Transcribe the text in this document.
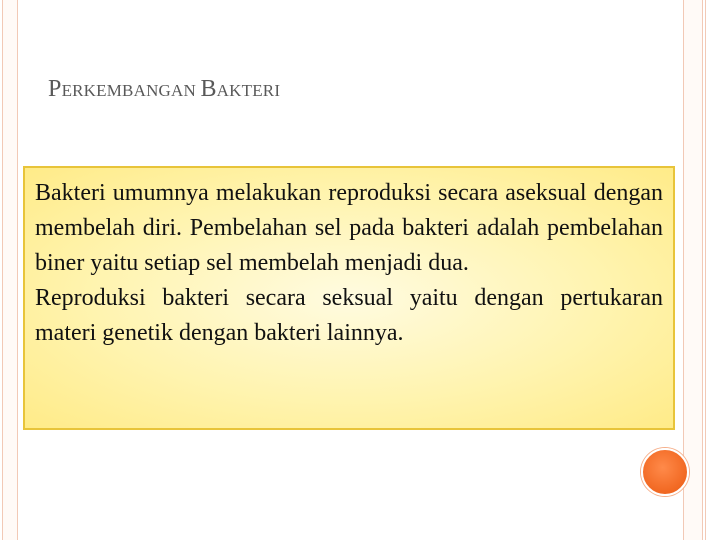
PERKEMBANGAN BAKTERI

Bakteri umumnya melakukan reproduksi secara aseksual dengan membelah diri. Pembelahan sel pada bakteri adalah pembelahan biner yaitu setiap sel membelah menjadi dua.

Reproduksi bakteri secara seksual yaitu dengan pertukaran materi genetik dengan bakteri lainnya.
